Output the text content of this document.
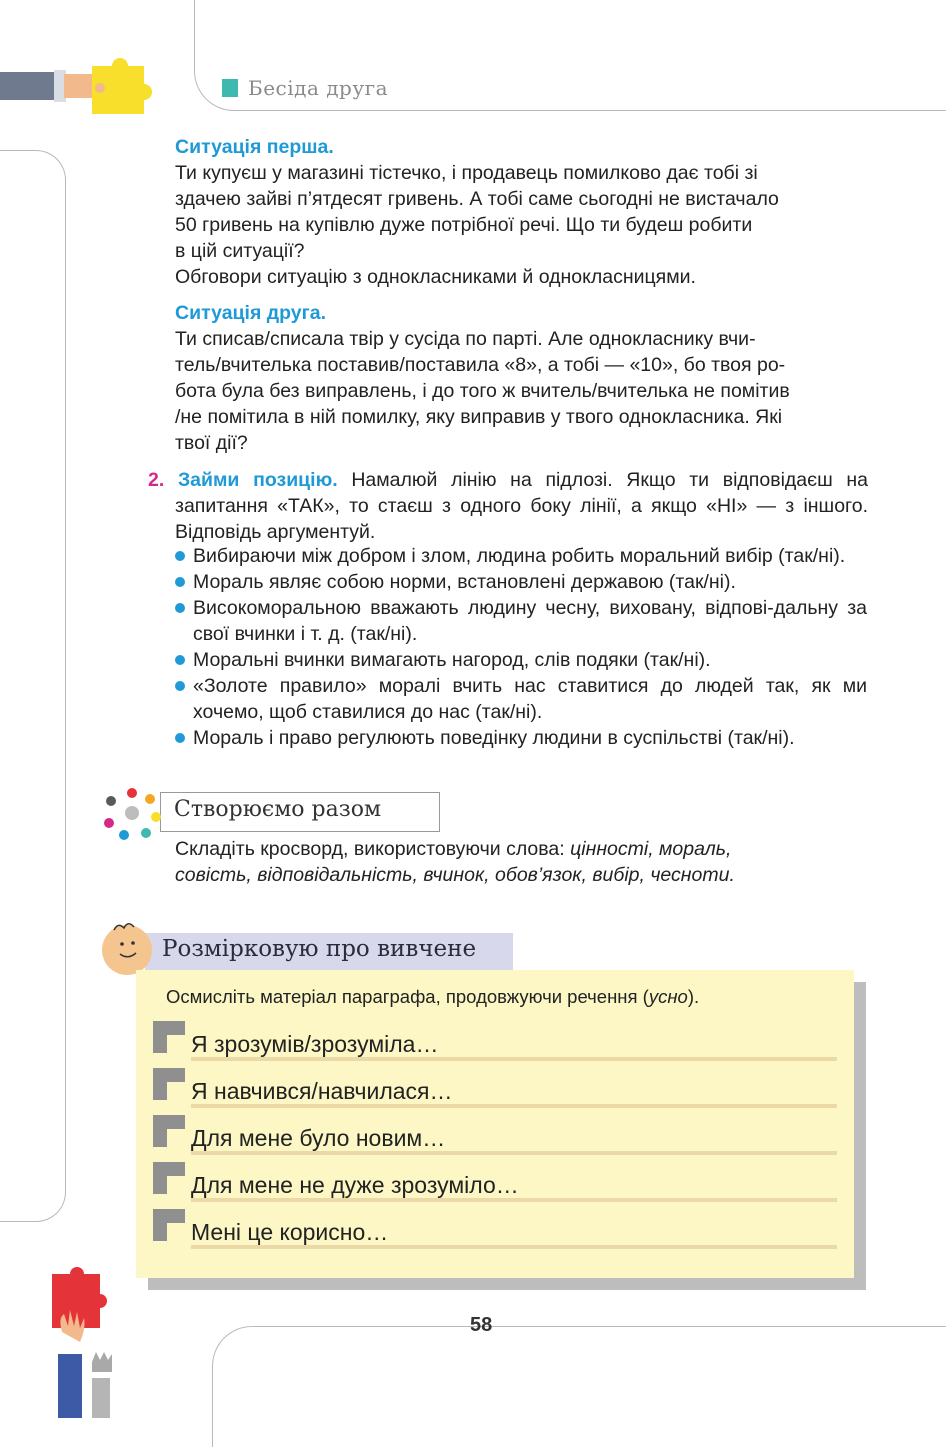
Бесіда друга

Ситуація перша.

Ти купуєш у магазині тістечко, і продавець помилково дає тобі зі

здачею зайві п’ятдесят гривень. А тобі саме сьогодні не вистачало

50 гривень на купівлю дуже потрібної речі. Що ти будеш робити

в цій ситуації?

Обговори ситуацію з однокласниками й однокласницями.

Ситуація друга.

Ти списав/списала твір у сусіда по парті. Але однокласнику вчи-

тель/вчителька поставив/поставила «8», а тобі — «10», бо твоя ро-

бота була без виправлень, і до того ж вчитель/вчителька не помітив

/не помітила в ній помилку, яку виправив у твого однокласника. Які

твої дії?

2. Займи позицію. Намалюй лінію на підлозі. Якщо ти відповідаєш на запитання «ТАК», то стаєш з одного боку лінії, а якщо «НІ» — з іншого. Відповідь аргументуй.

Вибираючи між добром і злом, людина робить моральний вибір (так/ні).
Мораль являє собою норми, встановлені державою (так/ні).
Високоморальною вважають людину чесну, виховану, відпові-дальну за свої вчинки і т. д. (так/ні).
Моральні вчинки вимагають нагород, слів подяки (так/ні).
«Золоте правило» моралі вчить нас ставитися до людей так, як ми хочемо, щоб ставилися до нас (так/ні).
Мораль і право регулюють поведінку людини в суспільстві (так/ні).
Створюємо разом

Складіть кросворд, використовуючи слова: цінності, мораль,

совість, відповідальність, вчинок, обов’язок, вибір, чесноти.

Розмірковую про вивчене
Осмисліть матеріал параграфа, продовжуючи речення (усно).
Я зрозумів/зрозуміла…
Я навчився/навчилася…
Для мене було новим…
Для мене не дуже зрозуміло…
Мені це корисно…
58
